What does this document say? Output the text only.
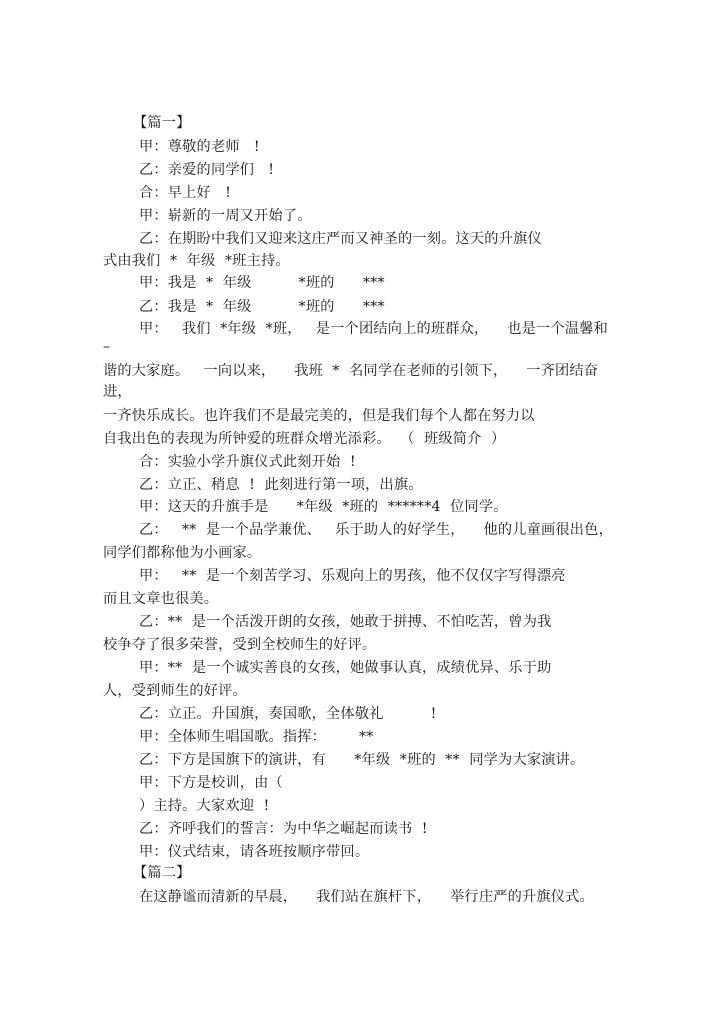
【篇一】
甲：尊敬的老师   !
乙：亲爱的同学们   !
合：早上好   !
甲：崭新的一周又开始了。
乙：在期盼中我们又迎来这庄严而又神圣的一刻。这天的升旗仪
式由我们  *  年级  *班主持。
甲：我是  *  年级          *班的      ***
乙：我是  *  年级          *班的      ***
甲：   我们  *年级  *班，   是一个团结向上的班群众，    也是一个温馨和
–
谐的大家庭。   一向以来，    我班  *  名同学在老师的引领下，    一齐团结奋
进，
一齐快乐成长。也许我们不是最完美的，但是我们每个人都在努力以
自我出色的表现为所钟爱的班群众增光添彩。  （  班级简介  ）
合：实验小学升旗仪式此刻开始  !
乙：立正、稍息  !  此刻进行第一项，出旗。
甲：这天的升旗手是      *年级  *班的  ******4  位同学。
乙：   **  是一个品学兼优、   乐于助人的好学生，    他的儿童画很出色，
同学们都称他为小画家。
甲：   **  是一个刻苦学习、乐观向上的男孩，他不仅仅字写得漂亮
而且文章也很美。
乙：**  是一个活泼开朗的女孩，她敢于拼搏、不怕吃苦，曾为我
校争夺了很多荣誉，受到全校师生的好评。
甲：**  是一个诚实善良的女孩，她做事认真，成绩优异、乐于助
人，受到师生的好评。
乙：立正。升国旗，奏国歌，全体敬礼          !
甲：全体师生唱国歌。指挥：       **
乙：下方是国旗下的演讲，有      *年级  *班的  **  同学为大家演讲。
甲：下方是校训，由（
）主持。大家欢迎  !
乙：齐呼我们的誓言：为中华之崛起而读书  !
甲：仪式结束，请各班按顺序带回。
【篇二】
在这静谧而清新的早晨，    我们站在旗杆下，    举行庄严的升旗仪式。
